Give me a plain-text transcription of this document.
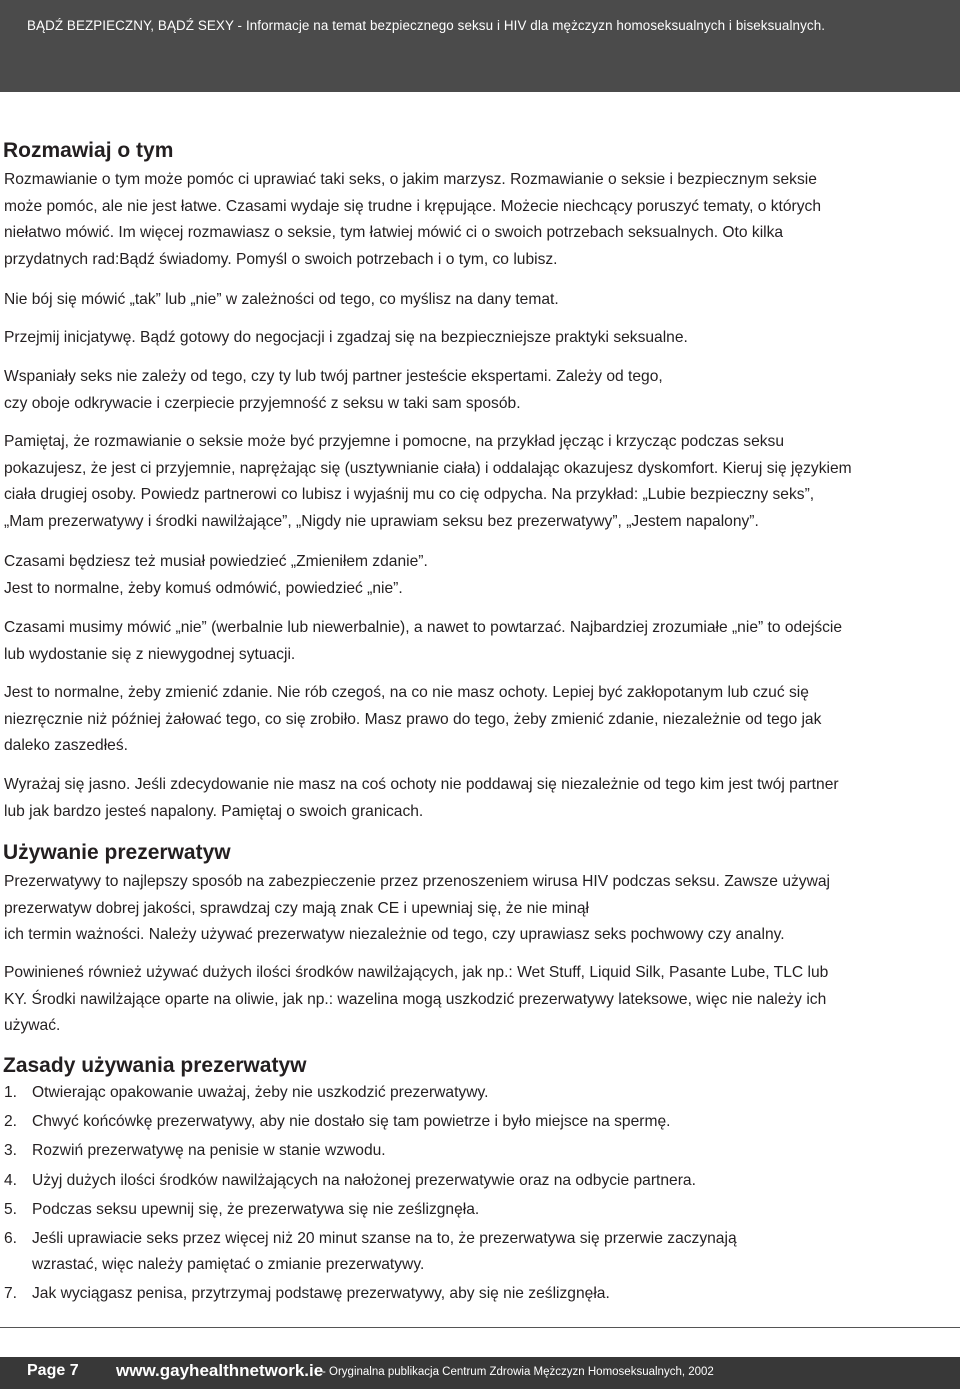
BĄDŹ BEZPIECZNY, BĄDŹ SEXY - Informacje na temat bezpiecznego seksu i HIV dla mężczyzn homoseksualnych i biseksualnych.
Rozmawiaj o tym

Rozmawianie o tym może pomóc ci uprawiać taki seks, o jakim marzysz. Rozmawianie o seksie i bezpiecznym seksie
może pomóc, ale nie jest łatwe. Czasami wydaje się trudne i krępujące. Możecie niechcący poruszyć tematy, o których
niełatwo mówić. Im więcej rozmawiasz o seksie, tym łatwiej mówić ci o swoich potrzebach seksualnych. Oto kilka
przydatnych rad:Bądź świadomy. Pomyśl o swoich potrzebach i o tym, co lubisz.

Nie bój się mówić „tak” lub „nie” w zależności od tego, co myślisz na dany temat.

Przejmij inicjatywę. Bądź gotowy do negocjacji i zgadzaj się na bezpieczniejsze praktyki seksualne.

Wspaniały seks nie zależy od tego, czy ty lub twój partner jesteście ekspertami. Zależy od tego,
czy oboje odkrywacie i czerpiecie przyjemność z seksu w taki sam sposób.

Pamiętaj, że rozmawianie o seksie może być przyjemne i pomocne, na przykład jęcząc i krzycząc podczas seksu
pokazujesz, że jest ci przyjemnie, naprężając się (usztywnianie ciała) i oddalając okazujesz dyskomfort. Kieruj się językiem
ciała drugiej osoby. Powiedz partnerowi co lubisz i wyjaśnij mu co cię odpycha. Na przykład: „Lubie bezpieczny seks”,
„Mam prezerwatywy i środki nawilżające”, „Nigdy nie uprawiam seksu bez prezerwatywy”, „Jestem napalony”.

Czasami będziesz też musiał powiedzieć „Zmieniłem zdanie”.
Jest to normalne, żeby komuś odmówić, powiedzieć „nie”.

Czasami musimy mówić „nie” (werbalnie lub niewerbalnie), a nawet to powtarzać. Najbardziej zrozumiałe „nie” to odejście
lub wydostanie się z niewygodnej sytuacji.

Jest to normalne, żeby zmienić zdanie. Nie rób czegoś, na co nie masz ochoty. Lepiej być zakłopotanym lub czuć się
niezręcznie niż później żałować tego, co się zrobiło. Masz prawo do tego, żeby zmienić zdanie, niezależnie od tego jak
daleko zaszedłeś.

Wyrażaj się jasno. Jeśli zdecydowanie nie masz na coś ochoty nie poddawaj się niezależnie od tego kim jest twój partner
lub jak bardzo jesteś napalony. Pamiętaj o swoich granicach.

Używanie prezerwatyw

Prezerwatywy to najlepszy sposób na zabezpieczenie przez przenoszeniem wirusa HIV podczas seksu. Zawsze używaj
prezerwatyw dobrej jakości, sprawdzaj czy mają znak CE i upewniaj się, że nie minął
ich termin ważności. Należy używać prezerwatyw niezależnie od tego, czy uprawiasz seks pochwowy czy analny.

Powinieneś również używać dużych ilości środków nawilżających, jak np.: Wet Stuff, Liquid Silk, Pasante Lube, TLC lub
KY. Środki nawilżające oparte na oliwie, jak np.: wazelina mogą uszkodzić prezerwatywy lateksowe, więc nie należy ich
używać.

Zasady używania prezerwatyw
1. Otwierając opakowanie uważaj, żeby nie uszkodzić prezerwatywy.
2. Chwyć końcówkę prezerwatywy, aby nie dostało się tam powietrze i było miejsce na spermę.
3. Rozwiń prezerwatywę na penisie w stanie wzwodu.
4. Użyj dużych ilości środków nawilżających na nałożonej prezerwatywie oraz na odbycie partnera.
5. Podczas seksu upewnij się, że prezerwatywa się nie ześlizgnęła.
6. Jeśli uprawiacie seks przez więcej niż 20 minut szanse na to, że prezerwatywa się przerwie zaczynają
wzrastać, więc należy pamiętać o zmianie prezerwatywy.
7. Jak wyciągasz penisa, przytrzymaj podstawę prezerwatywy, aby się nie ześlizgnęła.
Page 7 www.gayhealthnetwork.ie
- Oryginalna publikacja Centrum Zdrowia Mężczyzn Homoseksualnych, 2002
